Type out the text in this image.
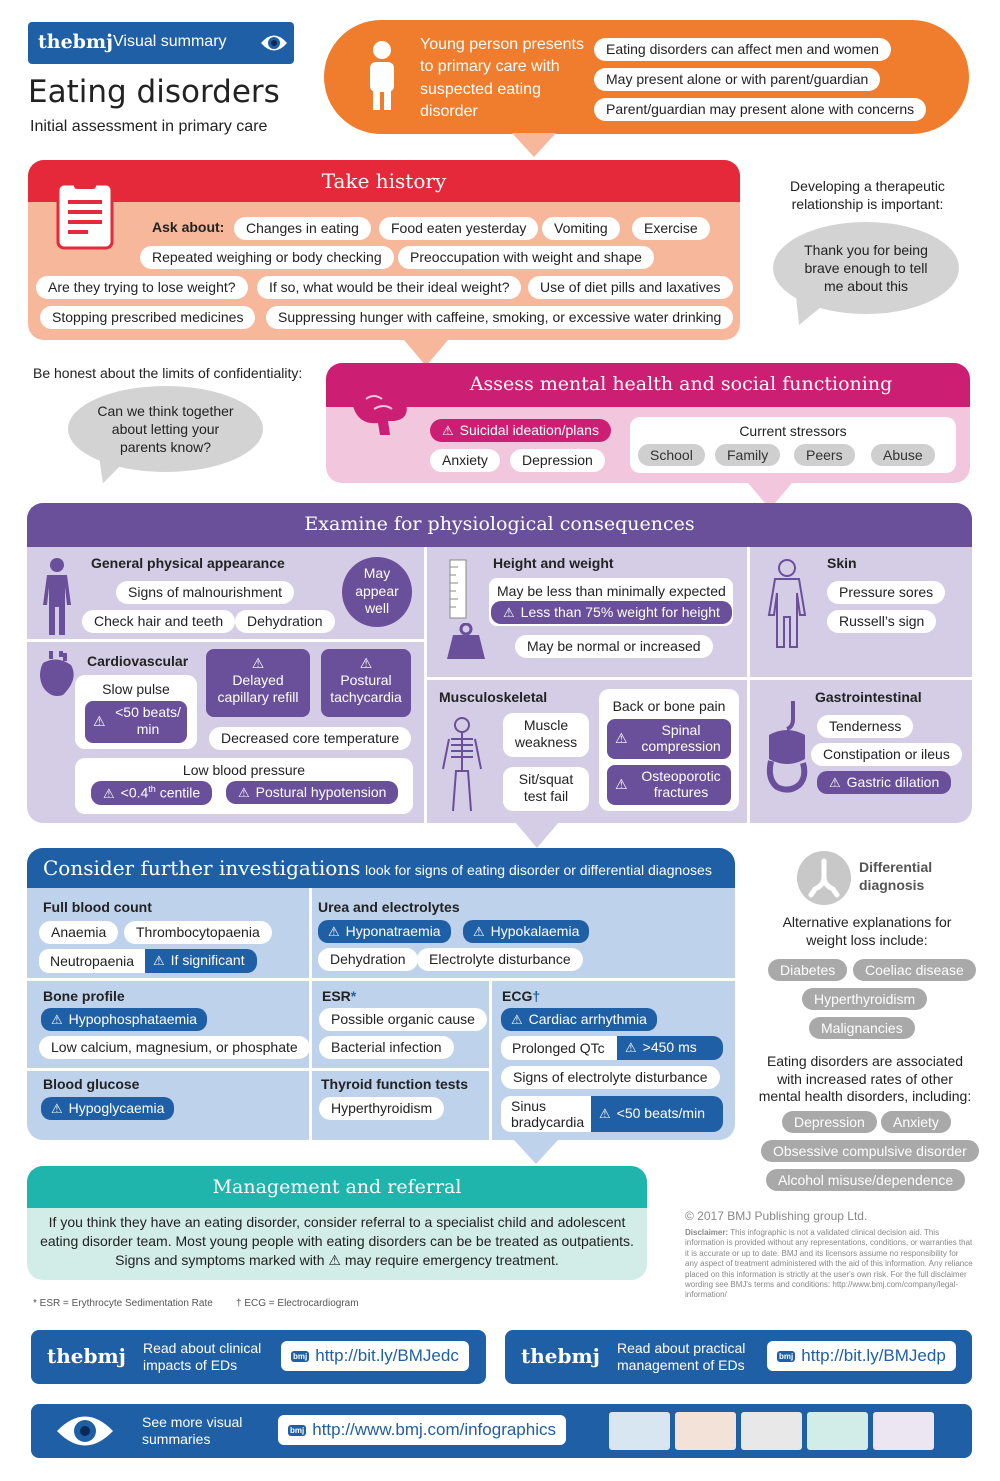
thebmj Visual summary
Eating disorders
Initial assessment in primary care
Young person presents to primary care with suspected eating disorder
Eating disorders can affect men and women
May present alone or with parent/guardian
Parent/guardian may present alone with concerns
Take history
Ask about:	Changes in eating	Food eaten yesterday	Vomiting	Exercise
Repeated weighing or body checking	Preoccupation with weight and shape
Are they trying to lose weight?	If so, what would be their ideal weight?	Use of diet pills and laxatives
Stopping prescribed medicines	Suppressing hunger with caffeine, smoking, or excessive water drinking
Developing a therapeutic relationship is important:
Thank you for being brave enough to tell me about this
Be honest about the limits of confidentiality:
Can we think together about letting your parents know?
Assess mental health and social functioning
⚠ Suicidal ideation/plans
Anxiety	Depression
Current stressors
School	Family	Peers	Abuse
Examine for physiological consequences
General physical appearance
Signs of malnourishment
Check hair and teeth	Dehydration
May appear well
Height and weight
May be less than minimally expected
⚠ Less than 75% weight for height
May be normal or increased
Skin
Pressure sores
Russell’s sign
Cardiovascular
Slow pulse
⚠
<50 beats/ min
⚠
Delayed capillary refill
⚠
Postural tachycardia
Decreased core temperature
Low blood pressure
⚠ <0.4th centile	⚠ Postural hypotension
Musculoskeletal
Muscle weakness
Sit/squat test fail
Back or bone pain
⚠	Spinal compression
⚠ Osteoporotic fractures
Gastrointestinal
Tenderness
Constipation or ileus
⚠ Gastric dilation
Consider further investigations look for signs of eating disorder or differential diagnoses
Full blood count
Anaemia	Thrombocytopaenia
Neutropaenia	⚠ If significant
Urea and electrolytes
⚠ Hyponatraemia	⚠ Hypokalaemia
Dehydration	Electrolyte disturbance
Bone profile
⚠ Hypophosphataemia
Low calcium, magnesium, or phosphate
ESR*
Possible organic cause
Bacterial infection
ECG†
⚠ Cardiac arrhythmia
Prolonged QTc	⚠ >450 ms
Signs of electrolyte disturbance
Sinus bradycardia
⚠ <50 beats/min
Blood glucose
⚠ Hypoglycaemia
Thyroid function tests
Hyperthyroidism
Differential diagnosis
Alternative explanations for weight loss include:
Diabetes	Coeliac disease
Hyperthyroidism
Malignancies
Eating disorders are associated with increased rates of other mental health disorders, including:
Depression	Anxiety
Obsessive compulsive disorder
Alcohol misuse/dependence
Management and referral
If you think they have an eating disorder, consider referral to a specialist child and adolescent
eating disorder team. Most young people with eating disorders can be be treated as outpatients.
Signs and symptoms marked with ⚠ may require emergency treatment.
© 2017 BMJ Publishing group Ltd.
Disclaimer: This infographic is not a validated clinical decision aid. This information is provided without any representations, conditions, or warranties that it is accurate or up to date. BMJ and its licensors assume no responsibility for any aspect of treatment administered with the aid of this information. Any reliance placed on this information is strictly at the user's own risk. For the full disclaimer wording see BMJ's terms and conditions: http://www.bmj.com/company/legal-information/
* ESR = Erythrocyte Sedimentation Rate † ECG = Electrocardiogram
thebmj Read about clinical impacts of EDs
bmj http://bit.ly/BMJedc	thebmj Read about practical management of EDs
bmj http://bit.ly/BMJedp
See more visual summaries
bmj http://www.bmj.com/infographics
